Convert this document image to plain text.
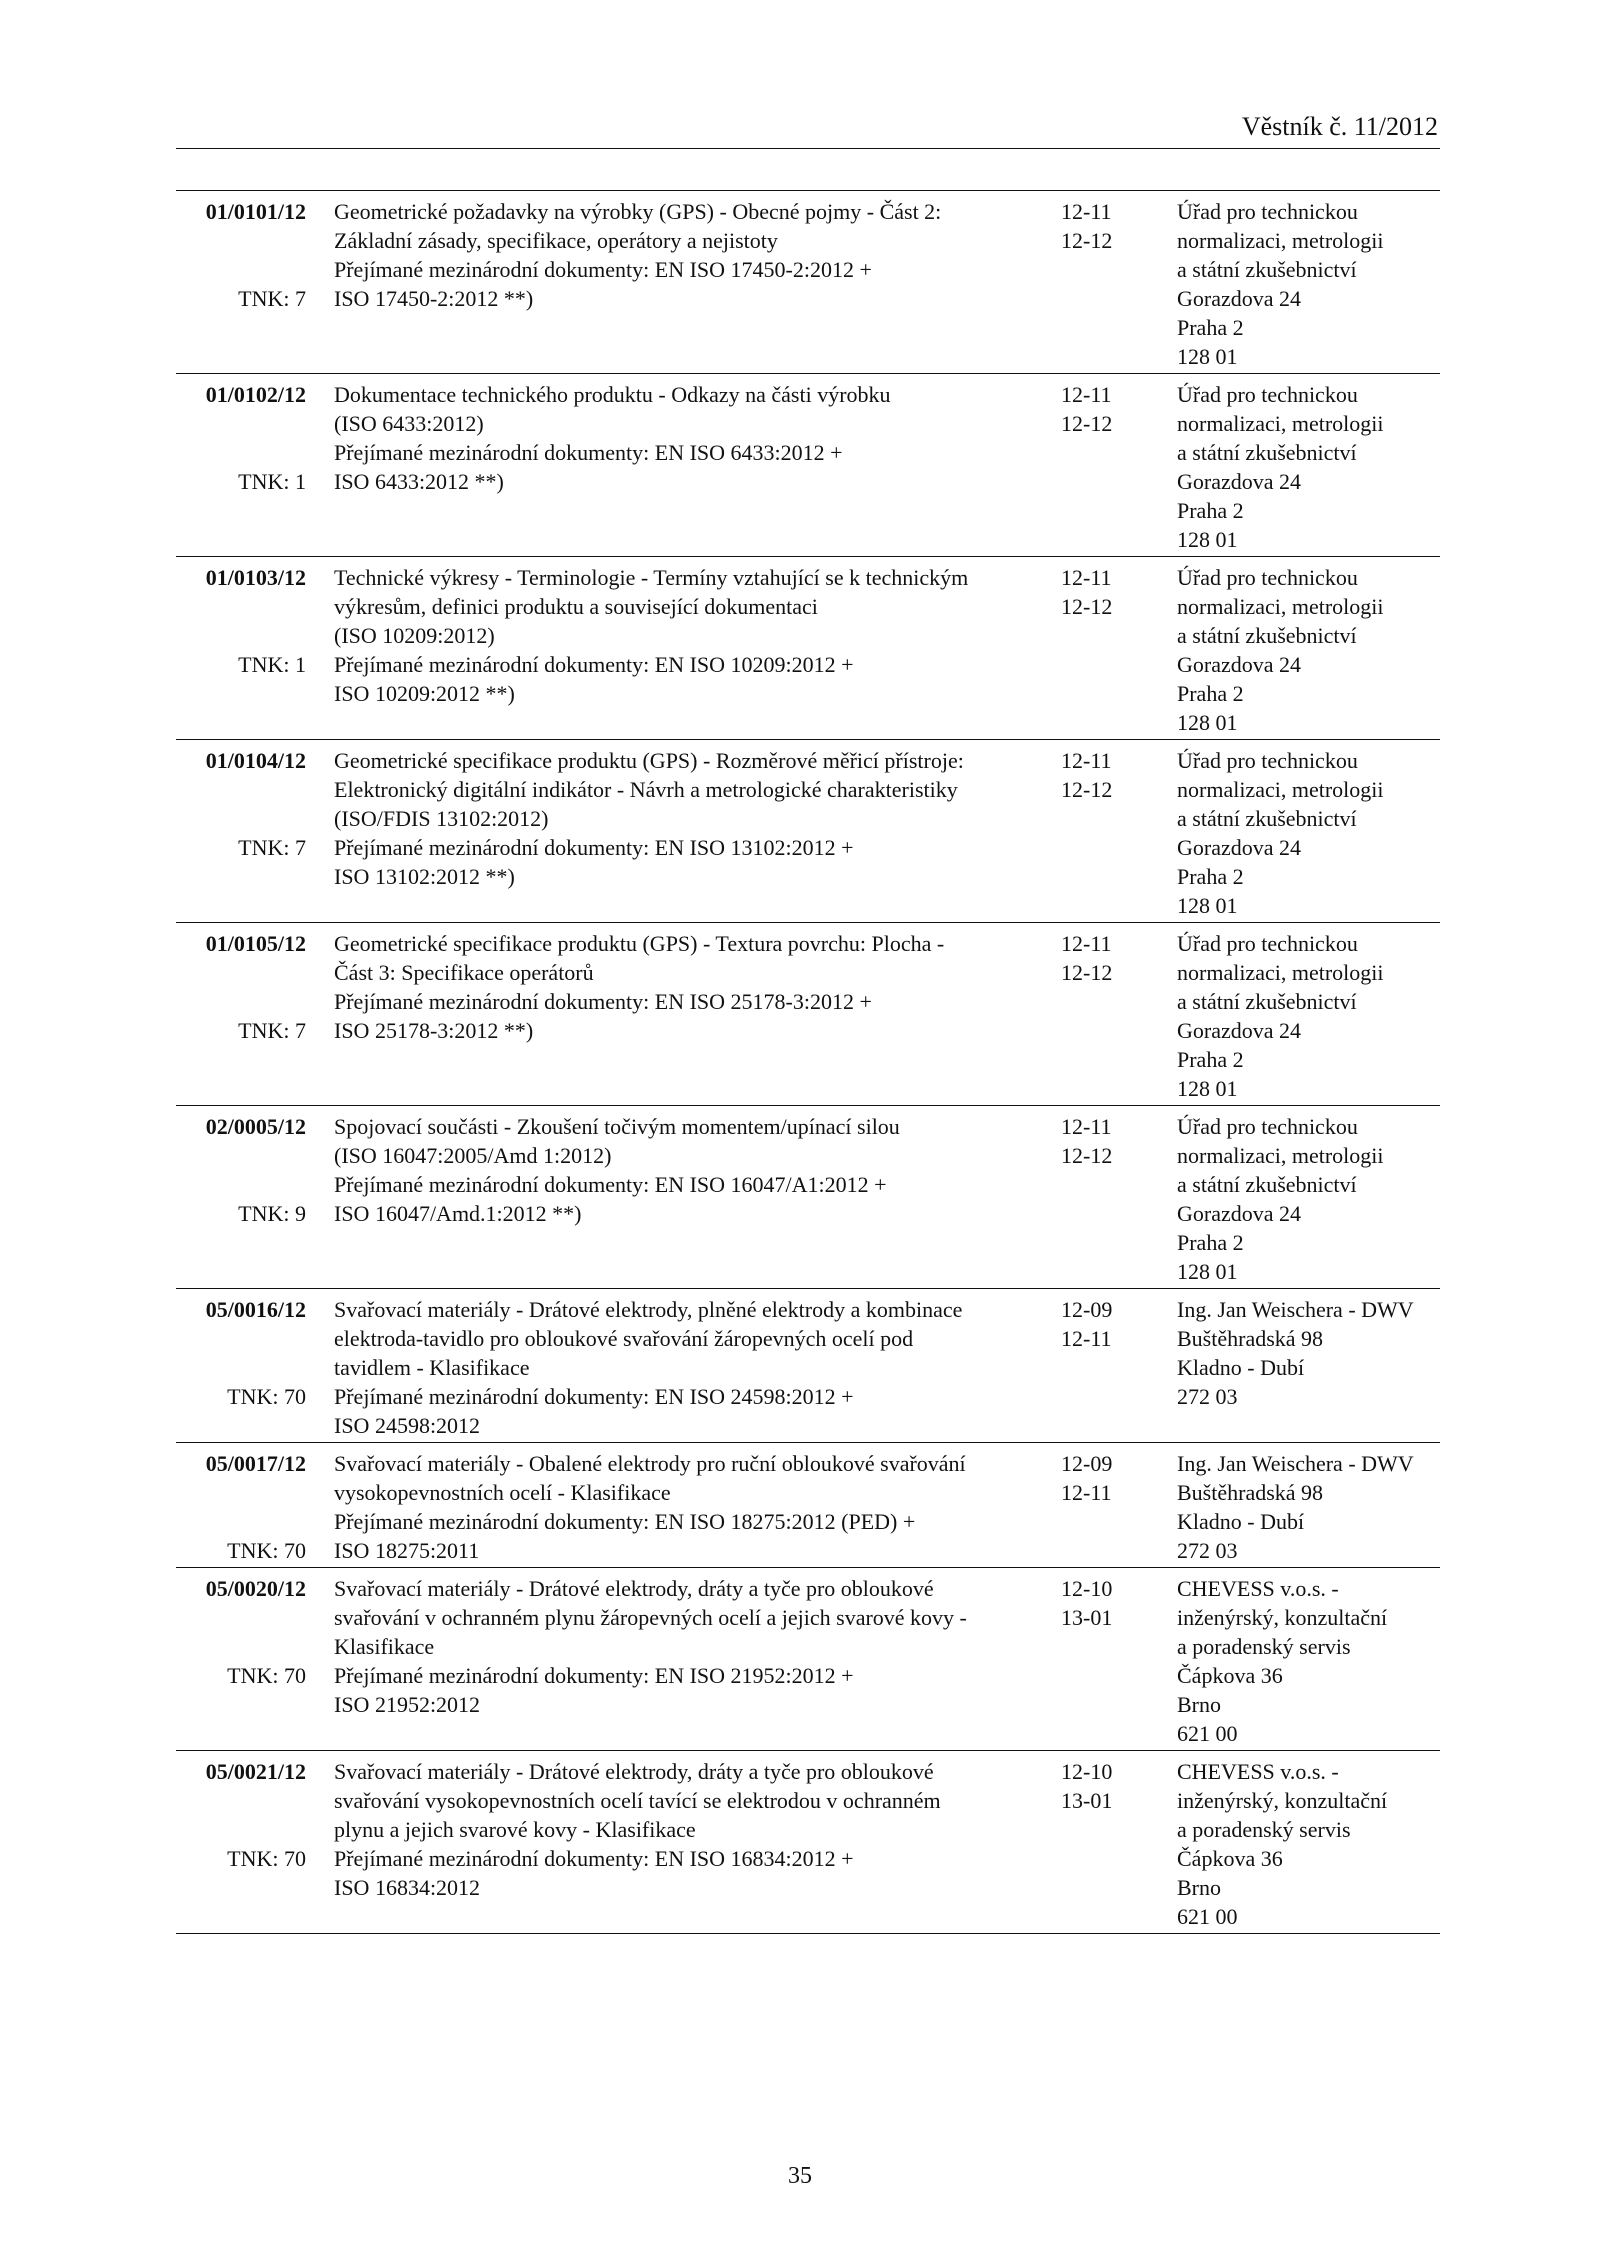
Věstník č. 11/2012
01/0101/12
TNK: 7
Geometrické požadavky na výrobky (GPS) - Obecné pojmy - Část 2:
Základní zásady, specifikace, operátory a nejistoty
Přejímané mezinárodní dokumenty: EN ISO 17450-2:2012 +
ISO 17450-2:2012 **)
12-11
12-12
Úřad pro technickou
normalizaci, metrologii
a státní zkušebnictví
Gorazdova 24
Praha 2
128 01
01/0102/12
TNK: 1
Dokumentace technického produktu - Odkazy na části výrobku
(ISO 6433:2012)
Přejímané mezinárodní dokumenty: EN ISO 6433:2012 +
ISO 6433:2012 **)
12-11
12-12
Úřad pro technickou
normalizaci, metrologii
a státní zkušebnictví
Gorazdova 24
Praha 2
128 01
01/0103/12
TNK: 1
Technické výkresy - Terminologie - Termíny vztahující se k technickým
výkresům, definici produktu a související dokumentaci
(ISO 10209:2012)
Přejímané mezinárodní dokumenty: EN ISO 10209:2012 +
ISO 10209:2012 **)
12-11
12-12
Úřad pro technickou
normalizaci, metrologii
a státní zkušebnictví
Gorazdova 24
Praha 2
128 01
01/0104/12
TNK: 7
Geometrické specifikace produktu (GPS) - Rozměrové měřicí přístroje:
Elektronický digitální indikátor - Návrh a metrologické charakteristiky
(ISO/FDIS 13102:2012)
Přejímané mezinárodní dokumenty: EN ISO 13102:2012 +
ISO 13102:2012 **)
12-11
12-12
Úřad pro technickou
normalizaci, metrologii
a státní zkušebnictví
Gorazdova 24
Praha 2
128 01
01/0105/12
TNK: 7
Geometrické specifikace produktu (GPS) - Textura povrchu: Plocha -
Část 3: Specifikace operátorů
Přejímané mezinárodní dokumenty: EN ISO 25178-3:2012 +
ISO 25178-3:2012 **)
12-11
12-12
Úřad pro technickou
normalizaci, metrologii
a státní zkušebnictví
Gorazdova 24
Praha 2
128 01
02/0005/12
TNK: 9
Spojovací součásti - Zkoušení točivým momentem/upínací silou
(ISO 16047:2005/Amd 1:2012)
Přejímané mezinárodní dokumenty: EN ISO 16047/A1:2012 +
ISO 16047/Amd.1:2012 **)
12-11
12-12
Úřad pro technickou
normalizaci, metrologii
a státní zkušebnictví
Gorazdova 24
Praha 2
128 01
05/0016/12
TNK: 70
Svařovací materiály - Drátové elektrody, plněné elektrody a kombinace
elektroda-tavidlo pro obloukové svařování žáropevných ocelí pod
tavidlem - Klasifikace
Přejímané mezinárodní dokumenty: EN ISO 24598:2012 +
ISO 24598:2012
12-09
12-11
Ing. Jan Weischera - DWV
Buštěhradská 98
Kladno - Dubí
272 03
05/0017/12
TNK: 70
Svařovací materiály - Obalené elektrody pro ruční obloukové svařování
vysokopevnostních ocelí - Klasifikace
Přejímané mezinárodní dokumenty: EN ISO 18275:2012 (PED) +
ISO 18275:2011
12-09
12-11
Ing. Jan Weischera - DWV
Buštěhradská 98
Kladno - Dubí
272 03
05/0020/12
TNK: 70
Svařovací materiály - Drátové elektrody, dráty a tyče pro obloukové
svařování v ochranném plynu žáropevných ocelí a jejich svarové kovy -
Klasifikace
Přejímané mezinárodní dokumenty: EN ISO 21952:2012 +
ISO 21952:2012
12-10
13-01
CHEVESS v.o.s. -
inženýrský, konzultační
a poradenský servis
Čápkova 36
Brno
621 00
05/0021/12
TNK: 70
Svařovací materiály - Drátové elektrody, dráty a tyče pro obloukové
svařování vysokopevnostních ocelí tavící se elektrodou v ochranném
plynu a jejich svarové kovy - Klasifikace
Přejímané mezinárodní dokumenty: EN ISO 16834:2012 +
ISO 16834:2012
12-10
13-01
CHEVESS v.o.s. -
inženýrský, konzultační
a poradenský servis
Čápkova 36
Brno
621 00
35
